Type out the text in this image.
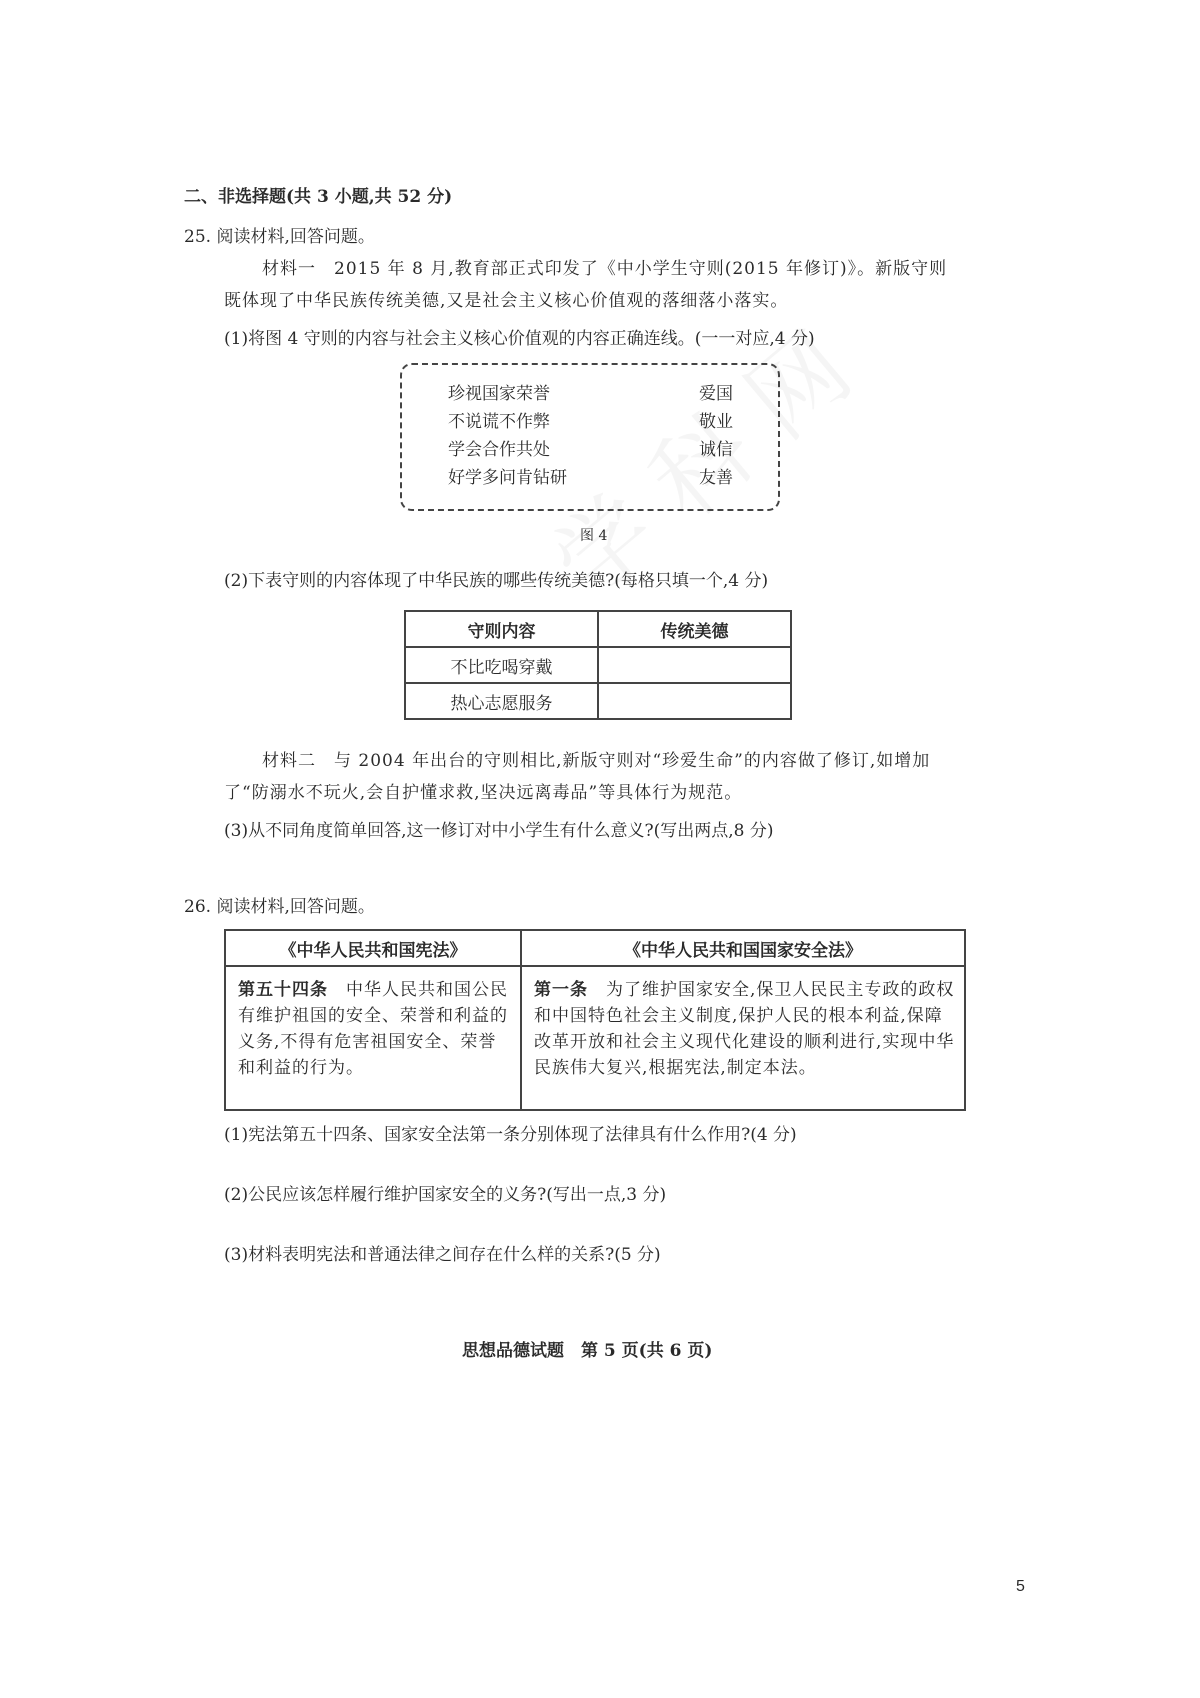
二、非选择题(共 3 小题,共 52 分)
25. 阅读材料,回答问题。
材料一　2015 年 8 月,教育部正式印发了《中小学生守则(2015 年修订)》。新版守则
既体现了中华民族传统美德,又是社会主义核心价值观的落细落小落实。
(1)将图 4 守则的内容与社会主义核心价值观的内容正确连线。(一一对应,4 分)
珍视国家荣誉	爱国
不说谎不作弊	敬业
学会合作共处	诚信
好学多问肯钻研	友善
图 4
(2)下表守则的内容体现了中华民族的哪些传统美德?(每格只填一个,4 分)
守则内容	传统美德
不比吃喝穿戴	
热心志愿服务	
材料二　与 2004 年出台的守则相比,新版守则对“珍爱生命”的内容做了修订,如增加
了“防溺水不玩火,会自护懂求救,坚决远离毒品”等具体行为规范。
(3)从不同角度简单回答,这一修订对中小学生有什么意义?(写出两点,8 分)
26. 阅读材料,回答问题。
《中华人民共和国宪法》	《中华人民共和国国家安全法》

第五十四条　中华人民共和国公民有维护祖国的安全、荣誉和利益的义务,不得有危害祖国安全、荣誉和利益的行为。	第一条　为了维护国家安全,保卫人民民主专政的政权和中国特色社会主义制度,保护人民的根本利益,保障改革开放和社会主义现代化建设的顺利进行,实现中华民族伟大复兴,根据宪法,制定本法。
(1)宪法第五十四条、国家安全法第一条分别体现了法律具有什么作用?(4 分)
(2)公民应该怎样履行维护国家安全的义务?(写出一点,3 分)
(3)材料表明宪法和普通法律之间存在什么样的关系?(5 分)
思想品德试题　第 5 页(共 6 页)
5
